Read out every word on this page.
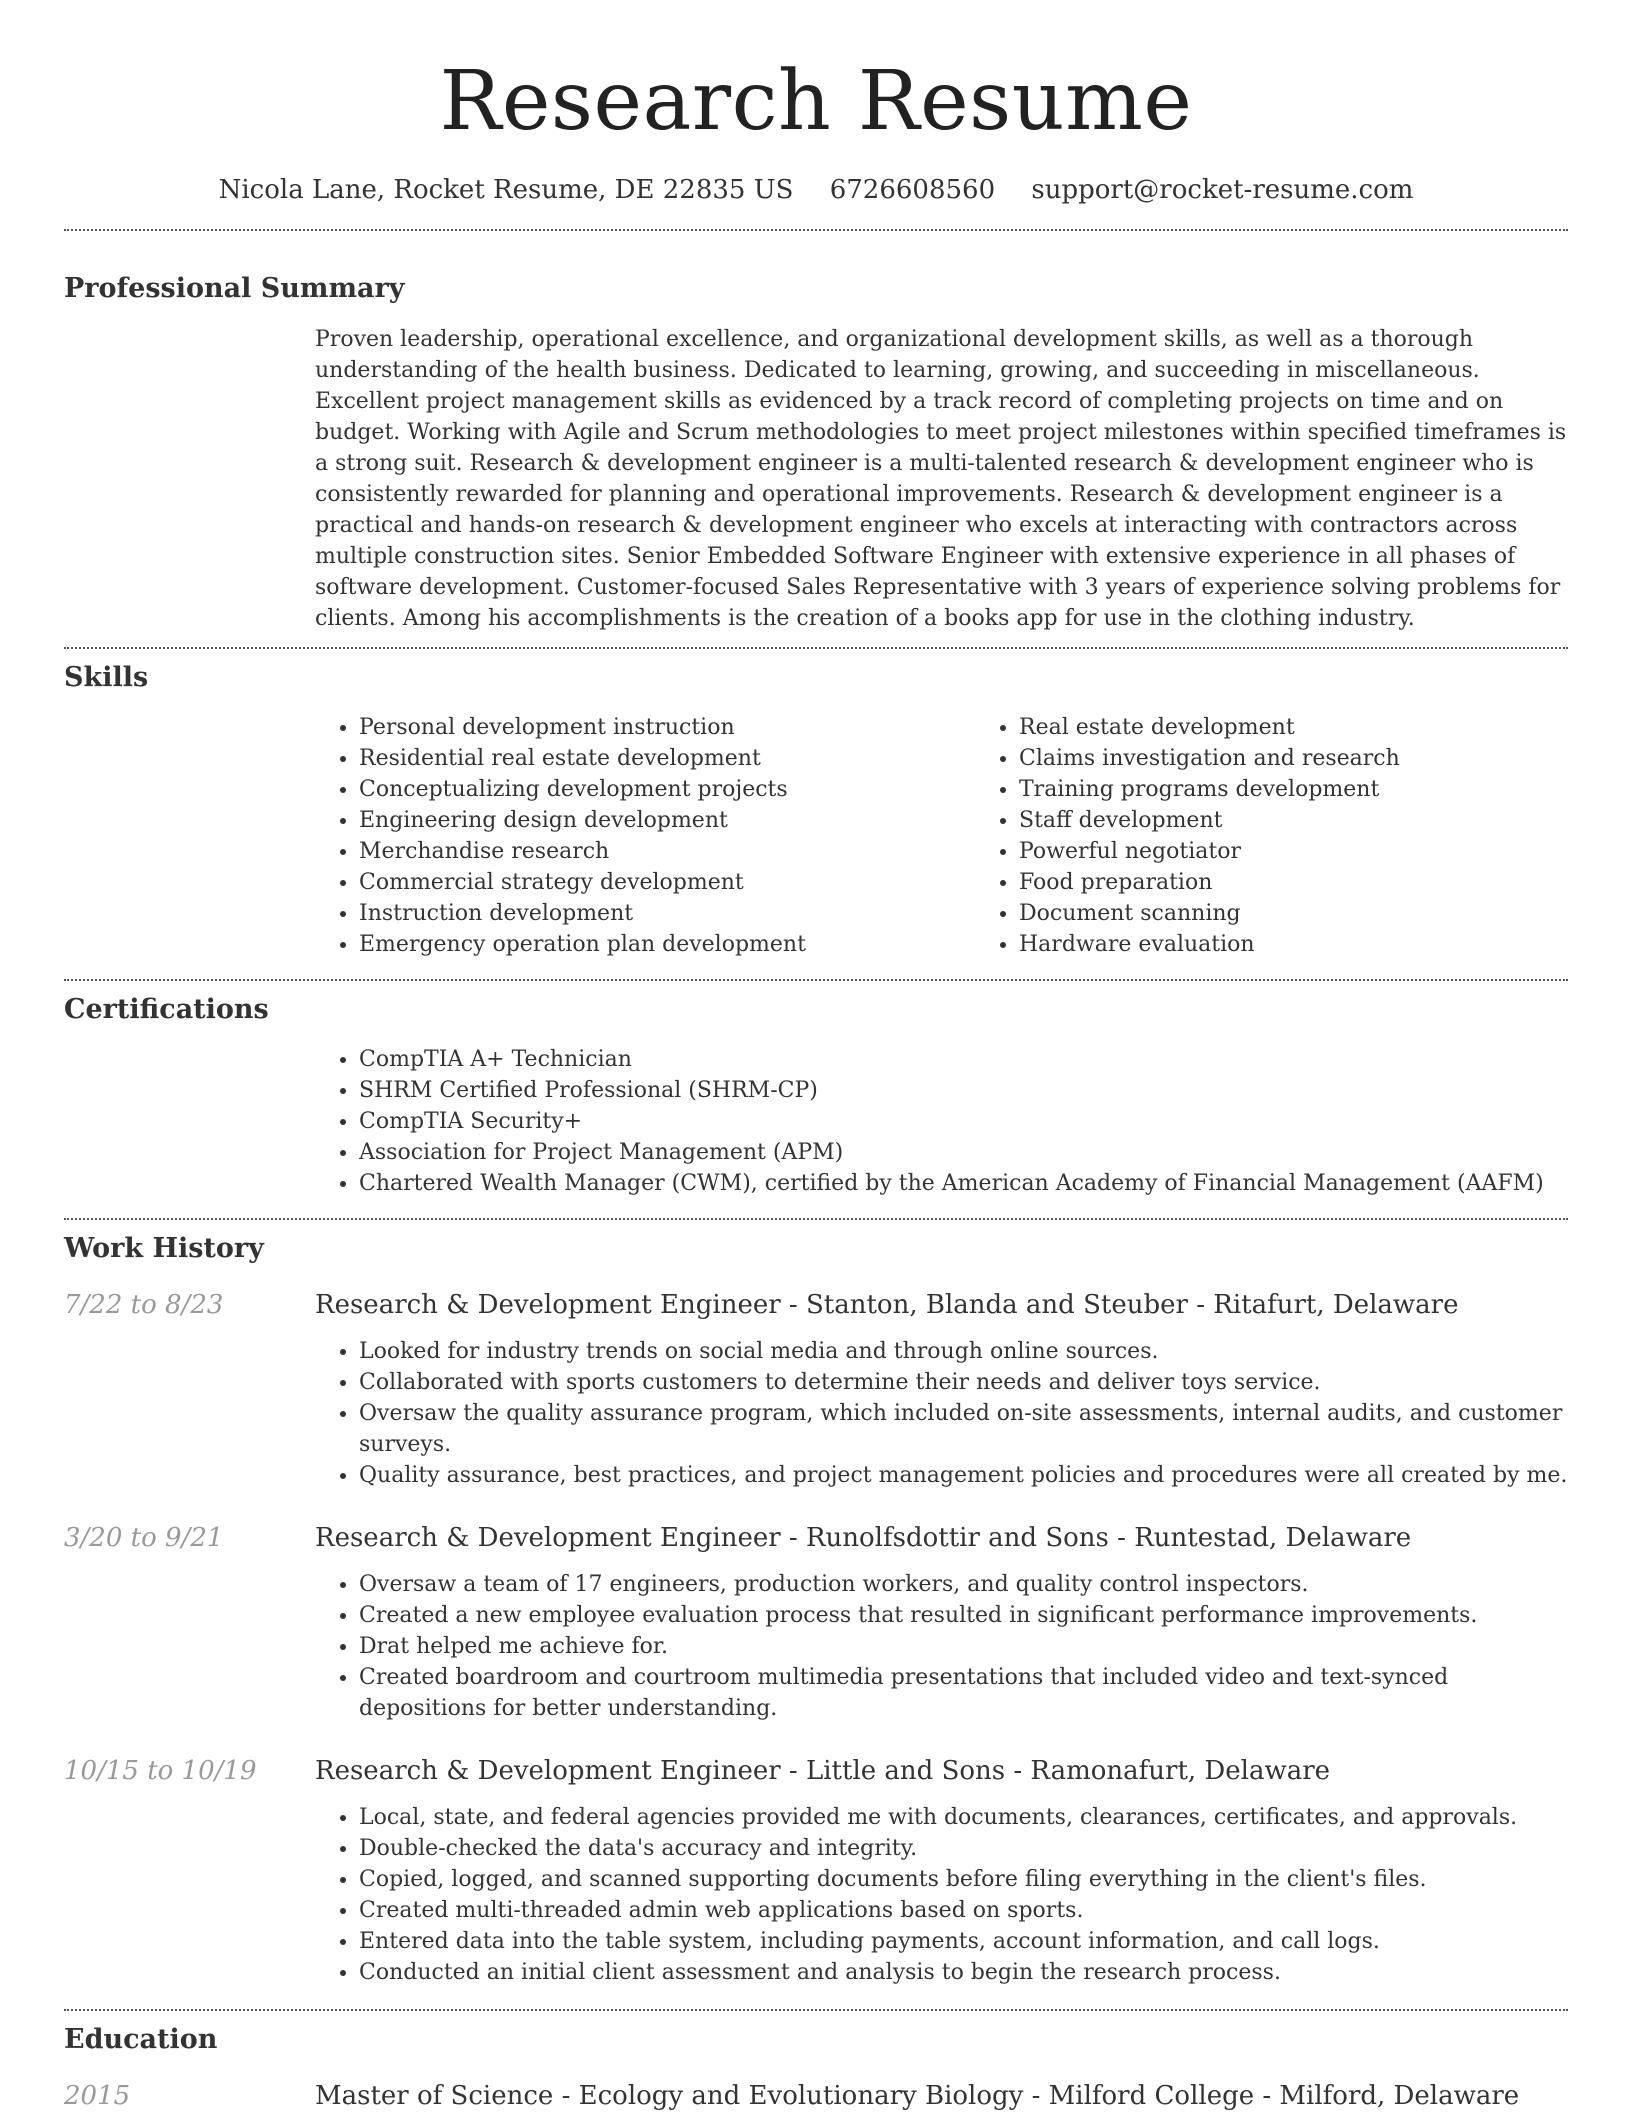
Research Resume
Nicola Lane, Rocket Resume, DE 22835 US 6726608560 support@rocket-resume.com
Professional Summary

Proven leadership, operational excellence, and organizational development skills, as well as a thorough understanding of the health business. Dedicated to learning, growing, and succeeding in miscellaneous. Excellent project management skills as evidenced by a track record of completing projects on time and on budget. Working with Agile and Scrum methodologies to meet project milestones within specified timeframes is a strong suit. Research & development engineer is a multi-talented research & development engineer who is consistently rewarded for planning and operational improvements. Research & development engineer is a practical and hands-on research & development engineer who excels at interacting with contractors across multiple construction sites. Senior Embedded Software Engineer with extensive experience in all phases of software development. Customer-focused Sales Representative with 3 years of experience solving problems for clients. Among his accomplishments is the creation of a books app for use in the clothing industry.

Skills
• Personal development instruction
• Residential real estate development
• Conceptualizing development projects
• Engineering design development
• Merchandise research
• Commercial strategy development
• Instruction development
• Emergency operation plan development
• Real estate development
• Claims investigation and research
• Training programs development
• Staff development
• Powerful negotiator
• Food preparation
• Document scanning
• Hardware evaluation
Certifications
• CompTIA A+ Technician
• SHRM Certified Professional (SHRM-CP)
• CompTIA Security+
• Association for Project Management (APM)
• Chartered Wealth Manager (CWM), certified by the American Academy of Financial Management (AAFM)
Work History
7/22 to 8/23	Research & Development Engineer - Stanton, Blanda and Steuber - Ritafurt, Delaware
• Looked for industry trends on social media and through online sources.
• Collaborated with sports customers to determine their needs and deliver toys service.
• Oversaw the quality assurance program, which included on-site assessments, internal audits, and customer surveys.
• Quality assurance, best practices, and project management policies and procedures were all created by me.
3/20 to 9/21	Research & Development Engineer - Runolfsdottir and Sons - Runtestad, Delaware
• Oversaw a team of 17 engineers, production workers, and quality control inspectors.
• Created a new employee evaluation process that resulted in significant performance improvements.
• Drat helped me achieve for.
• Created boardroom and courtroom multimedia presentations that included video and text-synced depositions for better understanding.
10/15 to 10/19	Research & Development Engineer - Little and Sons - Ramonafurt, Delaware
• Local, state, and federal agencies provided me with documents, clearances, certificates, and approvals.
• Double-checked the data's accuracy and integrity.
• Copied, logged, and scanned supporting documents before filing everything in the client's files.
• Created multi-threaded admin web applications based on sports.
• Entered data into the table system, including payments, account information, and call logs.
• Conducted an initial client assessment and analysis to begin the research process.
Education
2015	Master of Science - Ecology and Evolutionary Biology - Milford College - Milford, Delaware
